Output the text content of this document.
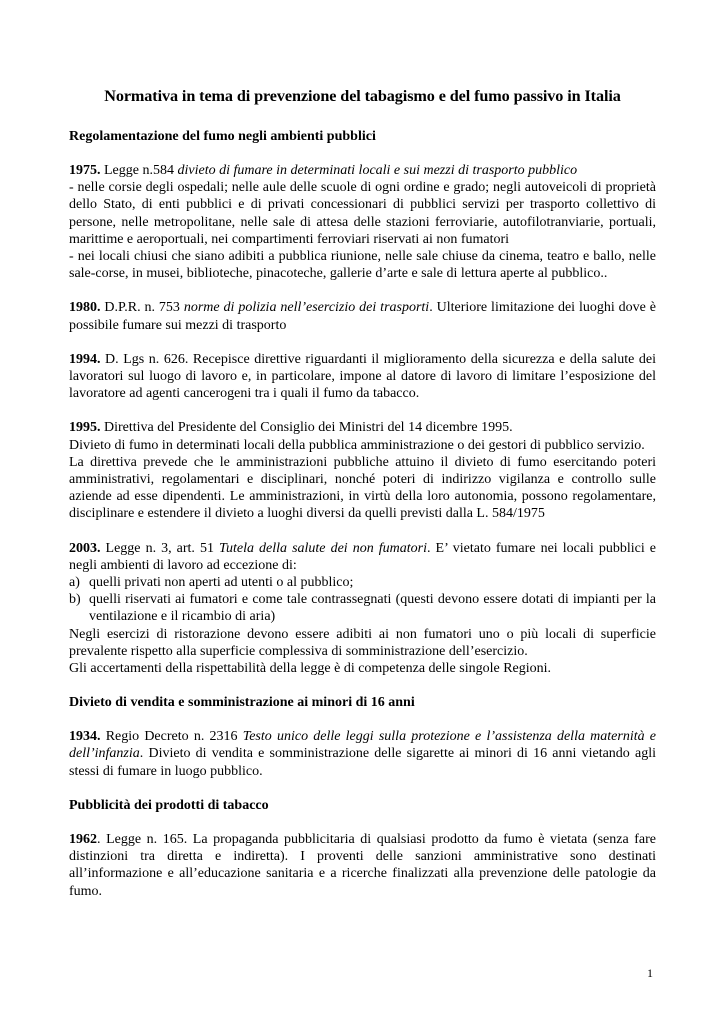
Normativa in tema di prevenzione del tabagismo e del fumo passivo in Italia
Regolamentazione del fumo negli ambienti pubblici

1975. Legge n.584 divieto di fumare in determinati locali e sui mezzi di trasporto pubblico

- nelle corsie degli ospedali; nelle aule delle scuole di ogni ordine e grado; negli autoveicoli di proprietà dello Stato, di enti pubblici e di privati concessionari di pubblici servizi per trasporto collettivo di persone, nelle metropolitane, nelle sale di attesa delle stazioni ferroviarie, autofilotranviarie, portuali, marittime e aeroportuali, nei compartimenti ferroviari riservati ai non fumatori

- nei locali chiusi che siano adibiti a pubblica riunione, nelle sale chiuse da cinema, teatro e ballo, nelle sale-corse, in musei, biblioteche, pinacoteche, gallerie d’arte e sale di lettura aperte al pubblico..

1980. D.P.R. n. 753 norme di polizia nell’esercizio dei trasporti. Ulteriore limitazione dei luoghi dove è possibile fumare sui mezzi di trasporto

1994. D. Lgs n. 626. Recepisce direttive riguardanti il miglioramento della sicurezza e della salute dei lavoratori sul luogo di lavoro e, in particolare, impone al datore di lavoro di limitare l’esposizione del lavoratore ad agenti cancerogeni tra i quali il fumo da tabacco.

1995. Direttiva del Presidente del Consiglio dei Ministri del 14 dicembre 1995.

Divieto di fumo in determinati locali della pubblica amministrazione o dei gestori di pubblico servizio.

La direttiva prevede che le amministrazioni pubbliche attuino il divieto di fumo esercitando poteri amministrativi, regolamentari e disciplinari, nonché poteri di indirizzo vigilanza e controllo sulle aziende ad esse dipendenti. Le amministrazioni, in virtù della loro autonomia, possono regolamentare, disciplinare e estendere il divieto a luoghi diversi da quelli previsti dalla L. 584/1975

2003. Legge n. 3, art. 51 Tutela della salute dei non fumatori. E’ vietato fumare nei locali pubblici e negli ambienti di lavoro ad eccezione di:

a) quelli privati non aperti ad utenti o al pubblico;
b) quelli riservati ai fumatori e come tale contrassegnati (questi devono essere dotati di impianti per la ventilazione e il ricambio di aria)

Negli esercizi di ristorazione devono essere adibiti ai non fumatori uno o più locali di superficie prevalente rispetto alla superficie complessiva di somministrazione dell’esercizio.

Gli accertamenti della rispettabilità della legge è di competenza delle singole Regioni.

Divieto di vendita e somministrazione ai minori di 16 anni

1934. Regio Decreto n. 2316 Testo unico delle leggi sulla protezione e l’assistenza della maternità e dell’infanzia. Divieto di vendita e somministrazione delle sigarette ai minori di 16 anni vietando agli stessi di fumare in luogo pubblico.

Pubblicità dei prodotti di tabacco

1962. Legge n. 165. La propaganda pubblicitaria di qualsiasi prodotto da fumo è vietata (senza fare distinzioni tra diretta e indiretta). I proventi delle sanzioni amministrative sono destinati all’informazione e all’educazione sanitaria e a ricerche finalizzati alla prevenzione delle patologie da fumo.

1
